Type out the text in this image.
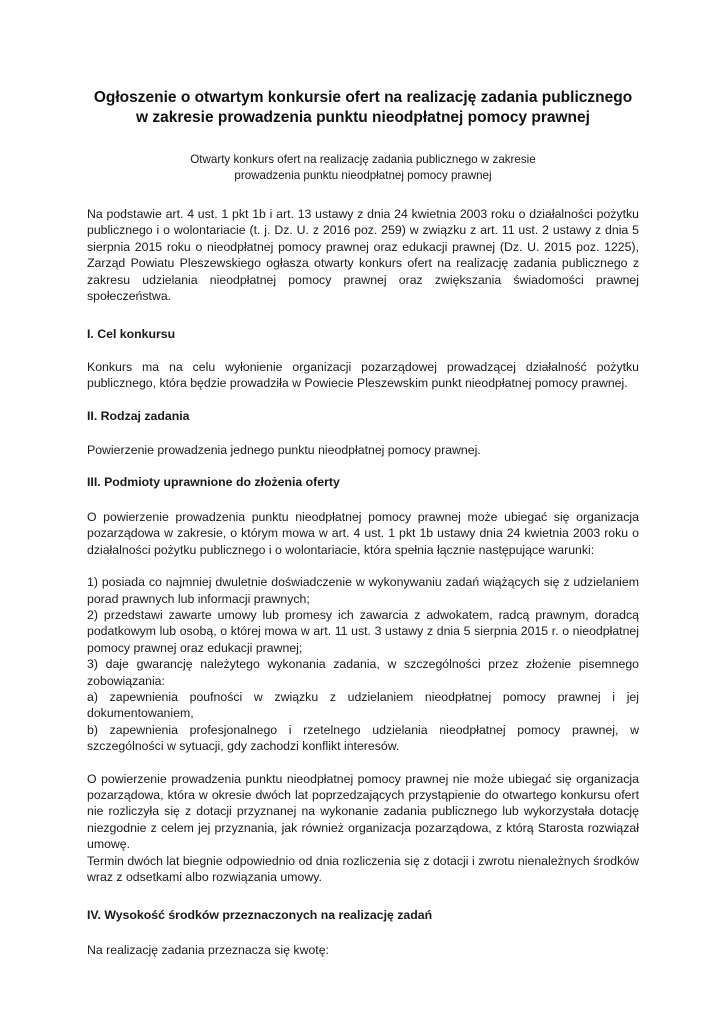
Ogłoszenie o otwartym konkursie ofert na realizację zadania publicznego
w zakresie prowadzenia punktu nieodpłatnej pomocy prawnej

Otwarty konkurs ofert na realizację zadania publicznego w zakresie
prowadzenia punktu nieodpłatnej pomocy prawnej

Na podstawie art. 4 ust. 1 pkt 1b i art. 13 ustawy z dnia 24 kwietnia 2003 roku o działalności pożytku publicznego i o wolontariacie (t. j. Dz. U. z 2016 poz. 259) w związku z art. 11 ust. 2 ustawy z dnia 5 sierpnia 2015 roku o nieodpłatnej pomocy prawnej oraz edukacji prawnej (Dz. U. 2015 poz. 1225), Zarząd Powiatu Pleszewskiego ogłasza otwarty konkurs ofert na realizację zadania publicznego z zakresu udzielania nieodpłatnej pomocy prawnej oraz zwiększania świadomości prawnej społeczeństwa.

I. Cel konkursu

Konkurs ma na celu wyłonienie organizacji pozarządowej prowadzącej działalność pożytku publicznego, która będzie prowadziła w Powiecie Pleszewskim punkt nieodpłatnej pomocy prawnej.

II. Rodzaj zadania

Powierzenie prowadzenia jednego punktu nieodpłatnej pomocy prawnej.

III. Podmioty uprawnione do złożenia oferty

O powierzenie prowadzenia punktu nieodpłatnej pomocy prawnej może ubiegać się organizacja pozarządowa w zakresie, o którym mowa w art. 4 ust. 1 pkt 1b ustawy dnia 24 kwietnia 2003 roku o działalności pożytku publicznego i o wolontariacie, która spełnia łącznie następujące warunki:

1) posiada co najmniej dwuletnie doświadczenie w wykonywaniu zadań wiążących się z udzielaniem porad prawnych lub informacji prawnych;

2) przedstawi zawarte umowy lub promesy ich zawarcia z adwokatem, radcą prawnym, doradcą podatkowym lub osobą, o której mowa w art. 11 ust. 3 ustawy z dnia 5 sierpnia 2015 r. o nieodpłatnej pomocy prawnej oraz edukacji prawnej;

3) daje gwarancję należytego wykonania zadania, w szczególności przez złożenie pisemnego zobowiązania:

a) zapewnienia poufności w związku z udzielaniem nieodpłatnej pomocy prawnej i jej dokumentowaniem,

b) zapewnienia profesjonalnego i rzetelnego udzielania nieodpłatnej pomocy prawnej, w szczególności w sytuacji, gdy zachodzi konflikt interesów.

O powierzenie prowadzenia punktu nieodpłatnej pomocy prawnej nie może ubiegać się organizacja pozarządowa, która w okresie dwóch lat poprzedzających przystąpienie do otwartego konkursu ofert nie rozliczyła się z dotacji przyznanej na wykonanie zadania publicznego lub wykorzystała dotację niezgodnie z celem jej przyznania, jak również organizacja pozarządowa, z którą Starosta rozwiązał umowę.

Termin dwóch lat biegnie odpowiednio od dnia rozliczenia się z dotacji i zwrotu nienależnych środków wraz z odsetkami albo rozwiązania umowy.

IV. Wysokość środków przeznaczonych na realizację zadań

Na realizację zadania przeznacza się kwotę:
